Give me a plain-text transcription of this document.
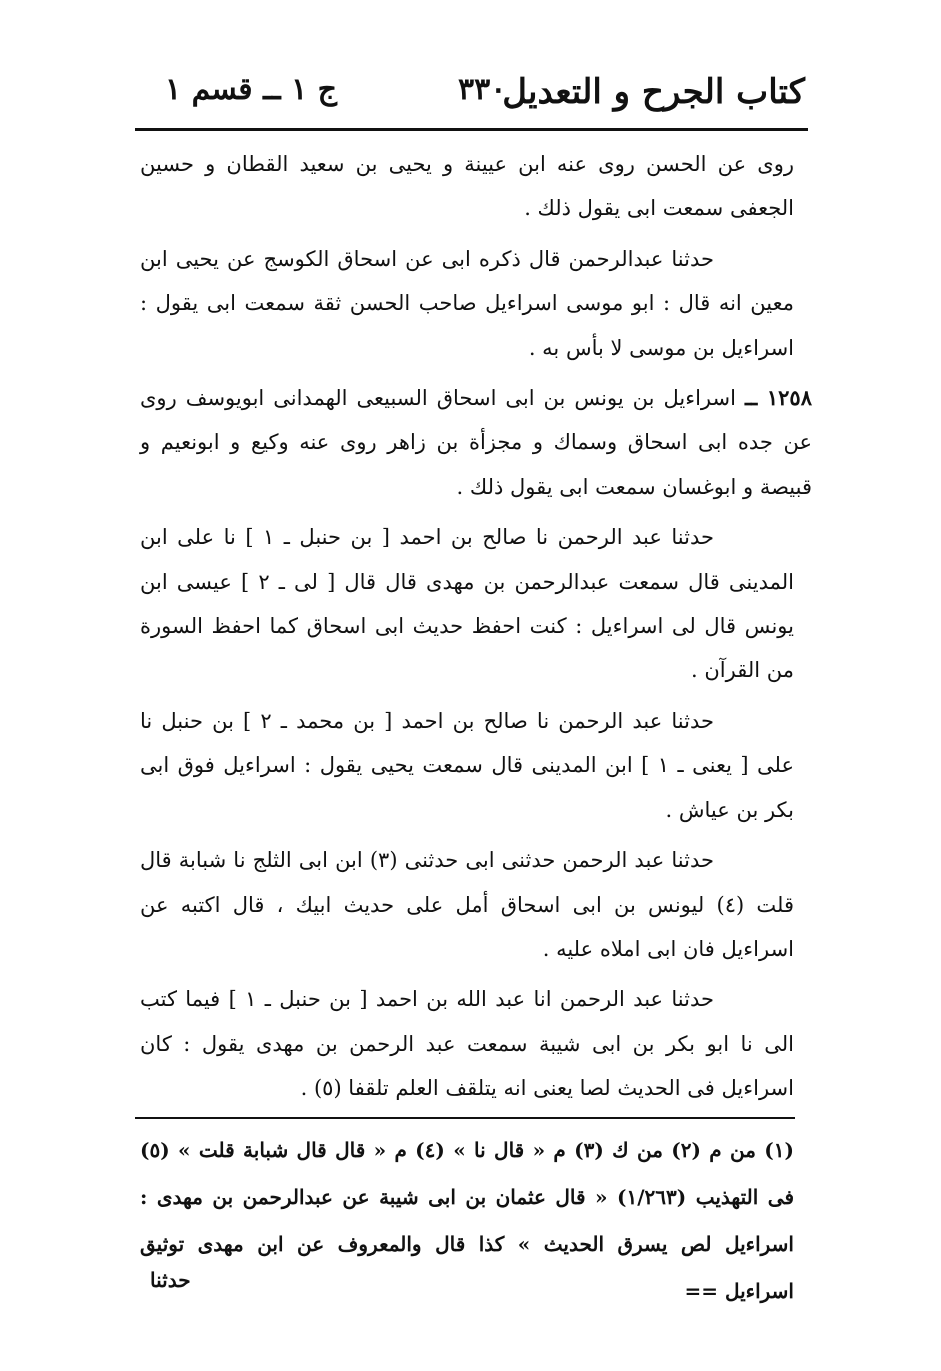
ج ١ ــ قسم ١	٣٣٠
كتاب الجرح و التعديل

روى عن الحسن روى عنه ابن عيينة و يحيى بن سعيد القطان و حسين الجعفى سمعت ابى يقول ذلك .

حدثنا عبدالرحمن قال ذكره ابى عن اسحاق الكوسج عن يحيى ابن معين انه قال : ابو موسى اسراءيل صاحب الحسن ثقة سمعت ابى يقول : اسراءيل بن موسى لا بأس به .

١٢٥٨ ــ اسراءيل بن يونس بن ابى اسحاق السبيعى الهمدانى ابويوسف روى عن جده ابى اسحاق وسماك و مجزأة بن زاهر روى عنه وكيع و ابونعيم و قبيصة و ابوغسان سمعت ابى يقول ذلك .

حدثنا عبد الرحمن نا صالح بن احمد [ بن حنبل ـ ١ ] نا على ابن المدينى قال سمعت عبدالرحمن بن مهدى قال قال [ لى ـ ٢ ] عيسى ابن يونس قال لى اسراءيل : كنت احفظ حديث ابى اسحاق كما احفظ السورة من القرآن .

حدثنا عبد الرحمن نا صالح بن احمد [ بن محمد ـ ٢ ] بن حنبل نا على [ يعنى ـ ١ ] ابن المدينى قال سمعت يحيى يقول : اسراءيل فوق ابى بكر بن عياش .

حدثنا عبد الرحمن حدثنى ابى حدثنى (٣) ابن ابى الثلج نا شبابة قال قلت (٤) ليونس بن ابى اسحاق أمل على حديث ابيك ، قال اكتبه عن اسراءيل فان ابى املاه عليه .

حدثنا عبد الرحمن انا عبد الله بن احمد [ بن حنبل ـ ١ ] فيما كتب الى نا ابو بكر بن ابى شيبة سمعت عبد الرحمن بن مهدى يقول : كان اسراءيل فى الحديث لصا يعنى انه يتلقف العلم تلقفا (٥) .

(١) من م (٢) من ك (٣) م « قال نا » (٤) م « قال قال شبابة قلت » (٥) فى التهذيب (١/٢٦٣) « قال عثمان بن ابى شيبة عن عبدالرحمن بن مهدى : اسراءيل لص يسرق الحديث » كذا قال والمعروف عن ابن مهدى توثيق اسراءيل ==

حدثنا
